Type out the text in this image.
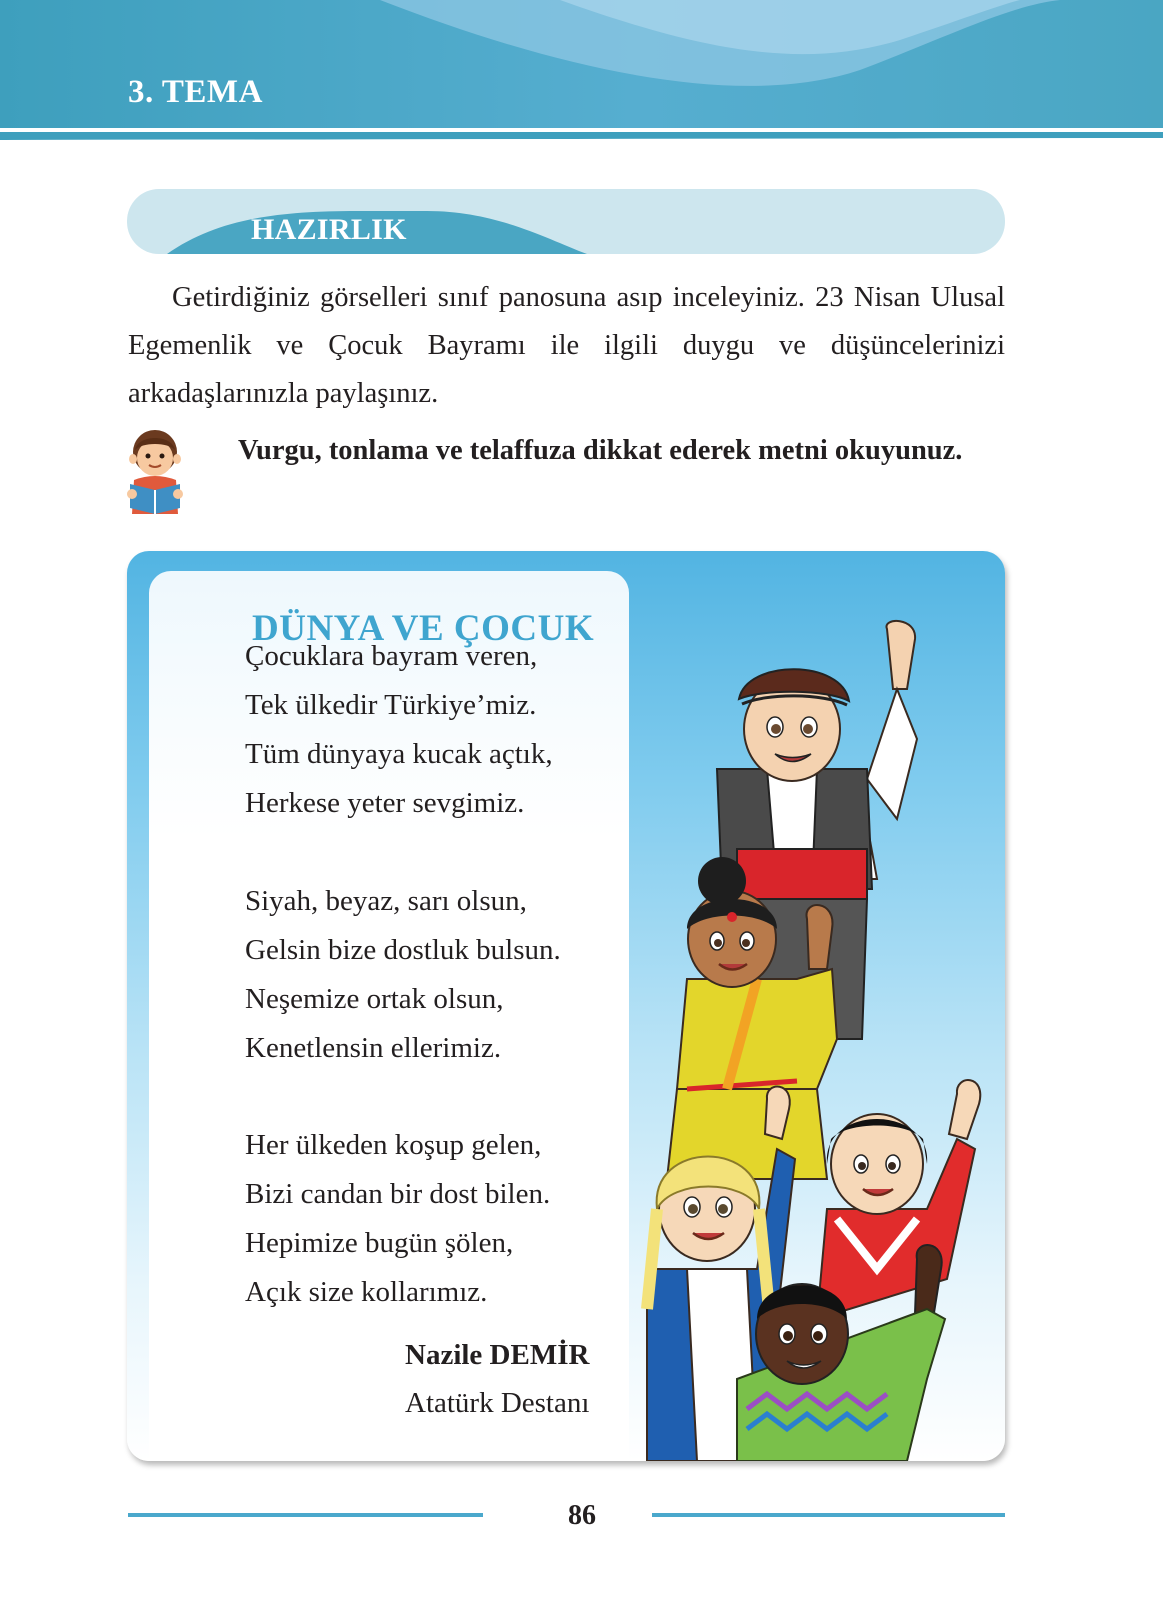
3. TEMA
HAZIRLIK

Getirdiğiniz görselleri sınıf panosuna asıp inceleyiniz. 23 Nisan Ulusal Egemenlik ve Çocuk Bayramı ile ilgili duygu ve düşüncelerinizi arkadaşlarınızla paylaşınız.

Vurgu, tonlama ve telaffuza dikkat ederek metni okuyunuz.

DÜNYA VE ÇOCUK
Çocuklara bayram veren,
Tek ülkedir Türkiye’miz.
Tüm dünyaya kucak açtık,
Herkese yeter sevgimiz.
Siyah, beyaz, sarı olsun,
Gelsin bize dostluk bulsun.
Neşemize ortak olsun,
Kenetlensin ellerimiz.
Her ülkeden koşup gelen,
Bizi candan bir dost bilen.
Hepimize bugün şölen,
Açık size kollarımız.
Nazile DEMİR
Atatürk Destanı
86
